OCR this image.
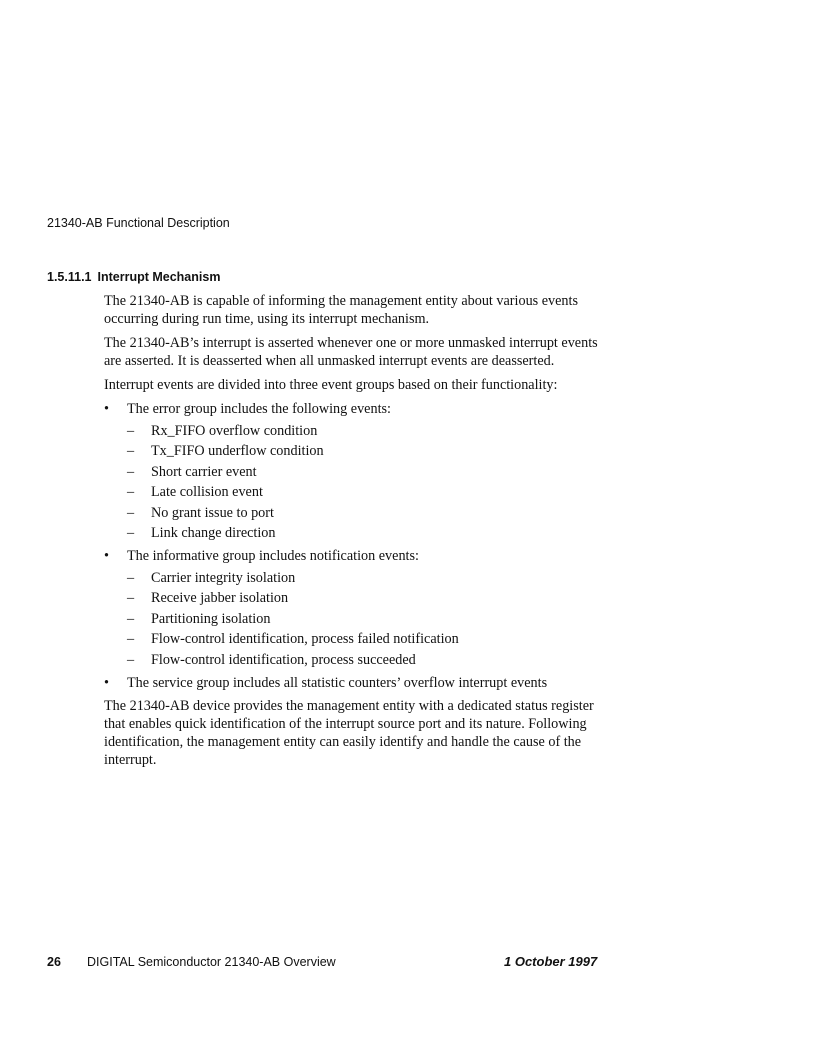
21340-AB Functional Description
1.5.11.1 Interrupt Mechanism

The 21340-AB is capable of informing the management entity about various events occurring during run time, using its interrupt mechanism.

The 21340-AB’s interrupt is asserted whenever one or more unmasked interrupt events are asserted. It is deasserted when all unmasked interrupt events are deasserted.

Interrupt events are divided into three event groups based on their functionality:

• The error group includes the following events:
– Rx_FIFO overflow condition
– Tx_FIFO underflow condition
– Short carrier event
– Late collision event
– No grant issue to port
– Link change direction
• The informative group includes notification events:
– Carrier integrity isolation
– Receive jabber isolation
– Partitioning isolation
– Flow-control identification, process failed notification
– Flow-control identification, process succeeded
• The service group includes all statistic counters’ overflow interrupt events

The 21340-AB device provides the management entity with a dedicated status register that enables quick identification of the interrupt source port and its nature. Following identification, the management entity can easily identify and handle the cause of the interrupt.

26 DIGITAL Semiconductor 21340-AB Overview	1 October 1997
